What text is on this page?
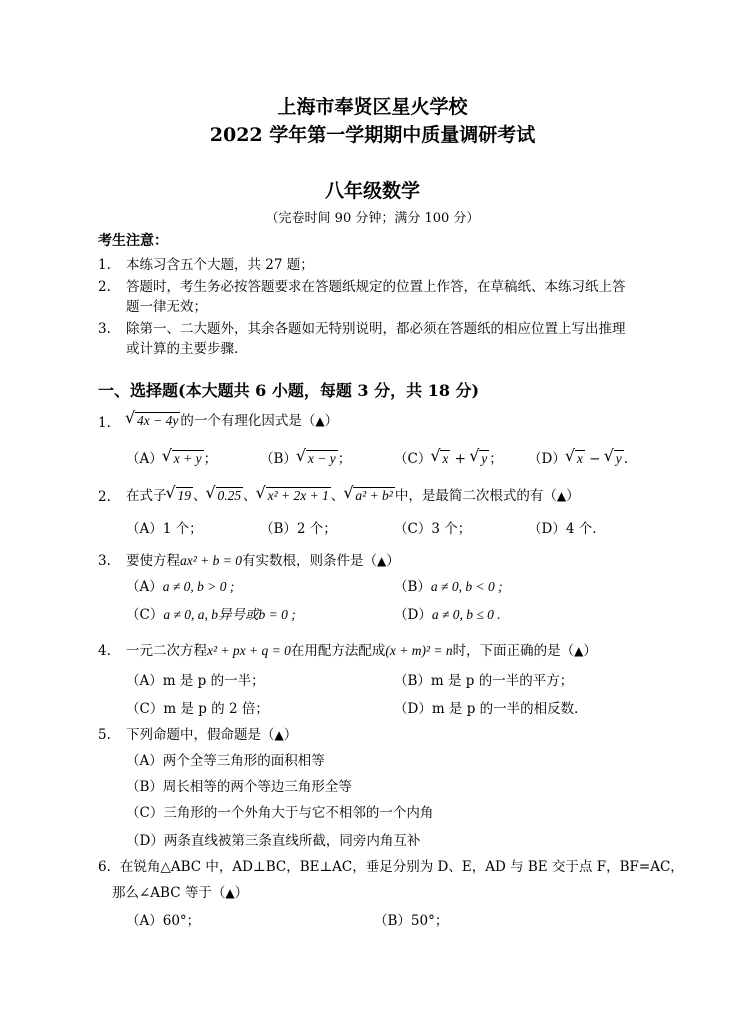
上海市奉贤区星火学校
2022 学年第一学期期中质量调研考试
八年级数学
（完卷时间 90 分钟；满分 100 分）
考生注意：
1. 本练习含五个大题，共 27 题；
2. 答题时，考生务必按答题要求在答题纸规定的位置上作答，在草稿纸、本练习纸上答
题一律无效；
3. 除第一、二大题外，其余各题如无特别说明，都必须在答题纸的相应位置上写出推理
或计算的主要步骤．
一、选择题(本大题共 6 小题，每题 3 分，共 18 分)
1.	√ 4x − 4y 的一个有理化因式是（▲）
（A） √ x + y ；	（B） √ x − y ；	（C） √ x + √ y ； （D） √ x − √ y .
2. 在式子 √ 19 、 √ 0.25 、 √ x² + 2x + 1 、 √ a² + b² 中，是最简二次根式的有（▲）
（A）1 个；	（B）2 个；	（C）3 个；	（D）4 个．
3. 要使方程ax² + b = 0有实数根，则条件是（▲）
（A）a ≠ 0, b > 0 ;	（B）a ≠ 0, b < 0 ;
（C）a ≠ 0, a, b异号或b = 0 ;	（D）a ≠ 0, b ≤ 0 .
4. 一元二次方程x² + px + q = 0在用配方法配成(x + m)² = n时，下面正确的是（▲）
（A）m 是 p 的一半；	（B）m 是 p 的一半的平方；
（C）m 是 p 的 2 倍；	（D）m 是 p 的一半的相反数．
5. 下列命题中，假命题是（▲）
（A）两个全等三角形的面积相等
（B）周长相等的两个等边三角形全等
（C）三角形的一个外角大于与它不相邻的一个内角
（D）两条直线被第三条直线所截，同旁内角互补
6． 在锐角△ABC 中，AD⊥BC，BE⊥AC，垂足分别为 D、E，AD 与 BE 交于点 F，BF=AC，
那么∠ABC 等于（▲）
（A）60°；	（B）50°；
